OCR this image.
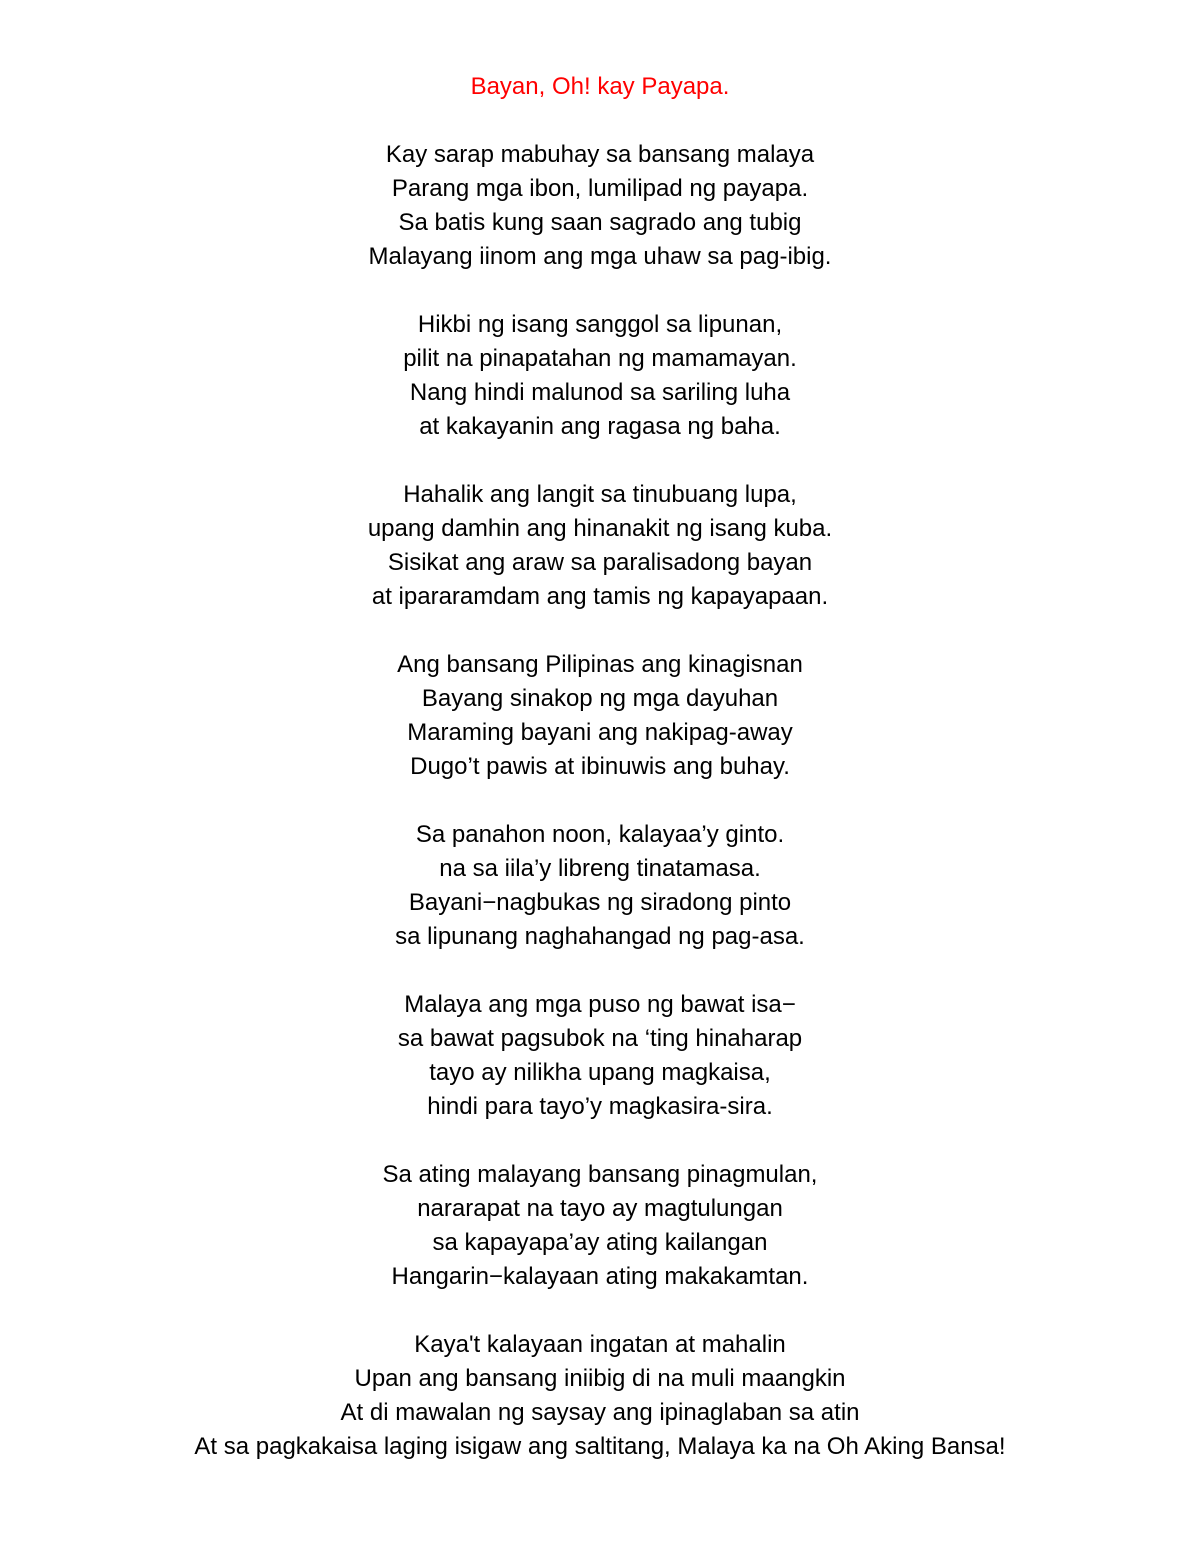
Bayan, Oh! kay Payapa.
Kay sarap mabuhay sa bansang malaya
Parang mga ibon, lumilipad ng payapa.
Sa batis kung saan sagrado ang tubig
Malayang iinom ang mga uhaw sa pag-ibig.
Hikbi ng isang sanggol sa lipunan,
pilit na pinapatahan ng mamamayan.
Nang hindi malunod sa sariling luha
at kakayanin ang ragasa ng baha.
Hahalik ang langit sa tinubuang lupa,
upang damhin ang hinanakit ng isang kuba.
Sisikat ang araw sa paralisadong bayan
at ipararamdam ang tamis ng kapayapaan.
Ang bansang Pilipinas ang kinagisnan
Bayang sinakop ng mga dayuhan
Maraming bayani ang nakipag-away
Dugo’t pawis at ibinuwis ang buhay.
Sa panahon noon, kalayaa’y ginto.
na sa iila’y libreng tinatamasa.
Bayani−nagbukas ng siradong pinto
sa lipunang naghahangad ng pag-asa.
Malaya ang mga puso ng bawat isa−
sa bawat pagsubok na ‘ting hinaharap
tayo ay nilikha upang magkaisa,
hindi para tayo’y magkasira-sira.
Sa ating malayang bansang pinagmulan,
nararapat na tayo ay magtulungan
sa kapayapa’ay ating kailangan
Hangarin−kalayaan ating makakamtan.
Kaya't kalayaan ingatan at mahalin
Upan ang bansang iniibig di na muli maangkin
At di mawalan ng saysay ang ipinaglaban sa atin
At sa pagkakaisa laging isigaw ang saltitang, Malaya ka na Oh Aking Bansa!
